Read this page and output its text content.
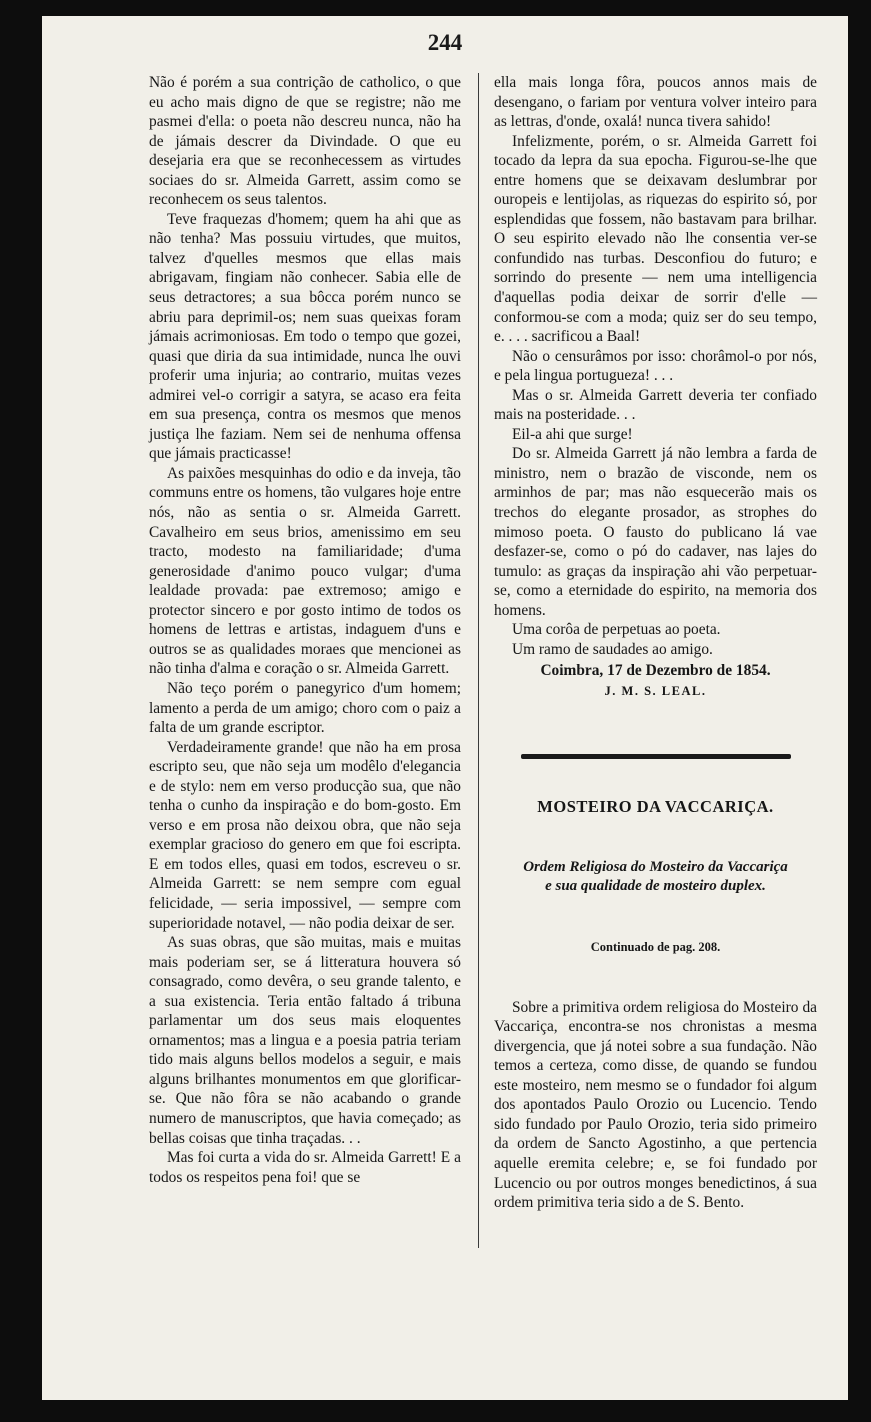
244

Não é porém a sua contrição de catholico, o que eu acho mais digno de que se registre; não me pasmei d'ella: o poeta não descreu nunca, não ha de jámais descrer da Divindade. O que eu desejaria era que se reconhecessem as virtudes sociaes do sr. Almeida Garrett, assim como se reconhecem os seus talentos.

Teve fraquezas d'homem; quem ha ahi que as não tenha? Mas possuiu virtudes, que muitos, talvez d'quelles mesmos que ellas mais abrigavam, fingiam não conhecer. Sabia elle de seus detractores; a sua bôcca porém nunco se abriu para deprimil-os; nem suas queixas foram jámais acrimoniosas. Em todo o tempo que gozei, quasi que diria da sua intimidade, nunca lhe ouvi proferir uma injuria; ao contrario, muitas vezes admirei vel-o corrigir a satyra, se acaso era feita em sua presença, contra os mesmos que menos justiça lhe faziam. Nem sei de nenhuma offensa que jámais practicasse!

As paixões mesquinhas do odio e da inveja, tão communs entre os homens, tão vulgares hoje entre nós, não as sentia o sr. Almeida Garrett. Cavalheiro em seus brios, amenissimo em seu tracto, modesto na familiaridade; d'uma generosidade d'animo pouco vulgar; d'uma lealdade provada: pae extremoso; amigo e protector sincero e por gosto intimo de todos os homens de lettras e artistas, indaguem d'uns e outros se as qualidades moraes que mencionei as não tinha d'alma e coração o sr. Almeida Garrett.

Não teço porém o panegyrico d'um homem; lamento a perda de um amigo; choro com o paiz a falta de um grande escriptor.

Verdadeiramente grande! que não ha em prosa escripto seu, que não seja um modêlo d'elegancia e de stylo: nem em verso producção sua, que não tenha o cunho da inspiração e do bom-gosto. Em verso e em prosa não deixou obra, que não seja exemplar gracioso do genero em que foi escripta. E em todos elles, quasi em todos, escreveu o sr. Almeida Garrett: se nem sempre com egual felicidade, — seria impossivel, — sempre com superioridade notavel, — não podia deixar de ser.

As suas obras, que são muitas, mais e muitas mais poderiam ser, se á litteratura houvera só consagrado, como devêra, o seu grande talento, e a sua existencia. Teria então faltado á tribuna parlamentar um dos seus mais eloquentes ornamentos; mas a lingua e a poesia patria teriam tido mais alguns bellos modelos a seguir, e mais alguns brilhantes monumentos em que glorificar-se. Que não fôra se não acabando o grande numero de manuscriptos, que havia começado; as bellas coisas que tinha traçadas. . .

Mas foi curta a vida do sr. Almeida Garrett! E a todos os respeitos pena foi! que se

ella mais longa fôra, poucos annos mais de desengano, o fariam por ventura volver inteiro para as lettras, d'onde, oxalá! nunca tivera sahido!

Infelizmente, porém, o sr. Almeida Garrett foi tocado da lepra da sua epocha. Figurou-se-lhe que entre homens que se deixavam deslumbrar por ouropeis e lentijolas, as riquezas do espirito só, por esplendidas que fossem, não bastavam para brilhar. O seu espirito elevado não lhe consentia ver-se confundido nas turbas. Desconfiou do futuro; e sorrindo do presente — nem uma intelligencia d'aquellas podia deixar de sorrir d'elle — conformou-se com a moda; quiz ser do seu tempo, e. . . . sacrificou a Baal!

Não o censurâmos por isso: chorâmol-o por nós, e pela lingua portugueza! . . .

Mas o sr. Almeida Garrett deveria ter confiado mais na posteridade. . .

Eil-a ahi que surge!

Do sr. Almeida Garrett já não lembra a farda de ministro, nem o brazão de visconde, nem os arminhos de par; mas não esquecerão mais os trechos do elegante prosador, as strophes do mimoso poeta. O fausto do publicano lá vae desfazer-se, como o pó do cadaver, nas lajes do tumulo: as graças da inspiração ahi vão perpetuar-se, como a eternidade do espirito, na memoria dos homens.

Uma corôa de perpetuas ao poeta.

Um ramo de saudades ao amigo.

Coimbra, 17 de Dezembro de 1854.

J. M. S. LEAL.

MOSTEIRO DA VACCARIÇA.

Ordem Religiosa do Mosteiro da Vaccariça
e sua qualidade de mosteiro duplex.

Continuado de pag. 208.

Sobre a primitiva ordem religiosa do Mosteiro da Vaccariça, encontra-se nos chronistas a mesma divergencia, que já notei sobre a sua fundação. Não temos a certeza, como disse, de quando se fundou este mosteiro, nem mesmo se o fundador foi algum dos apontados Paulo Orozio ou Lucencio. Tendo sido fundado por Paulo Orozio, teria sido primeiro da ordem de Sancto Agostinho, a que pertencia aquelle eremita celebre; e, se foi fundado por Lucencio ou por outros monges benedictinos, á sua ordem primitiva teria sido a de S. Bento.
